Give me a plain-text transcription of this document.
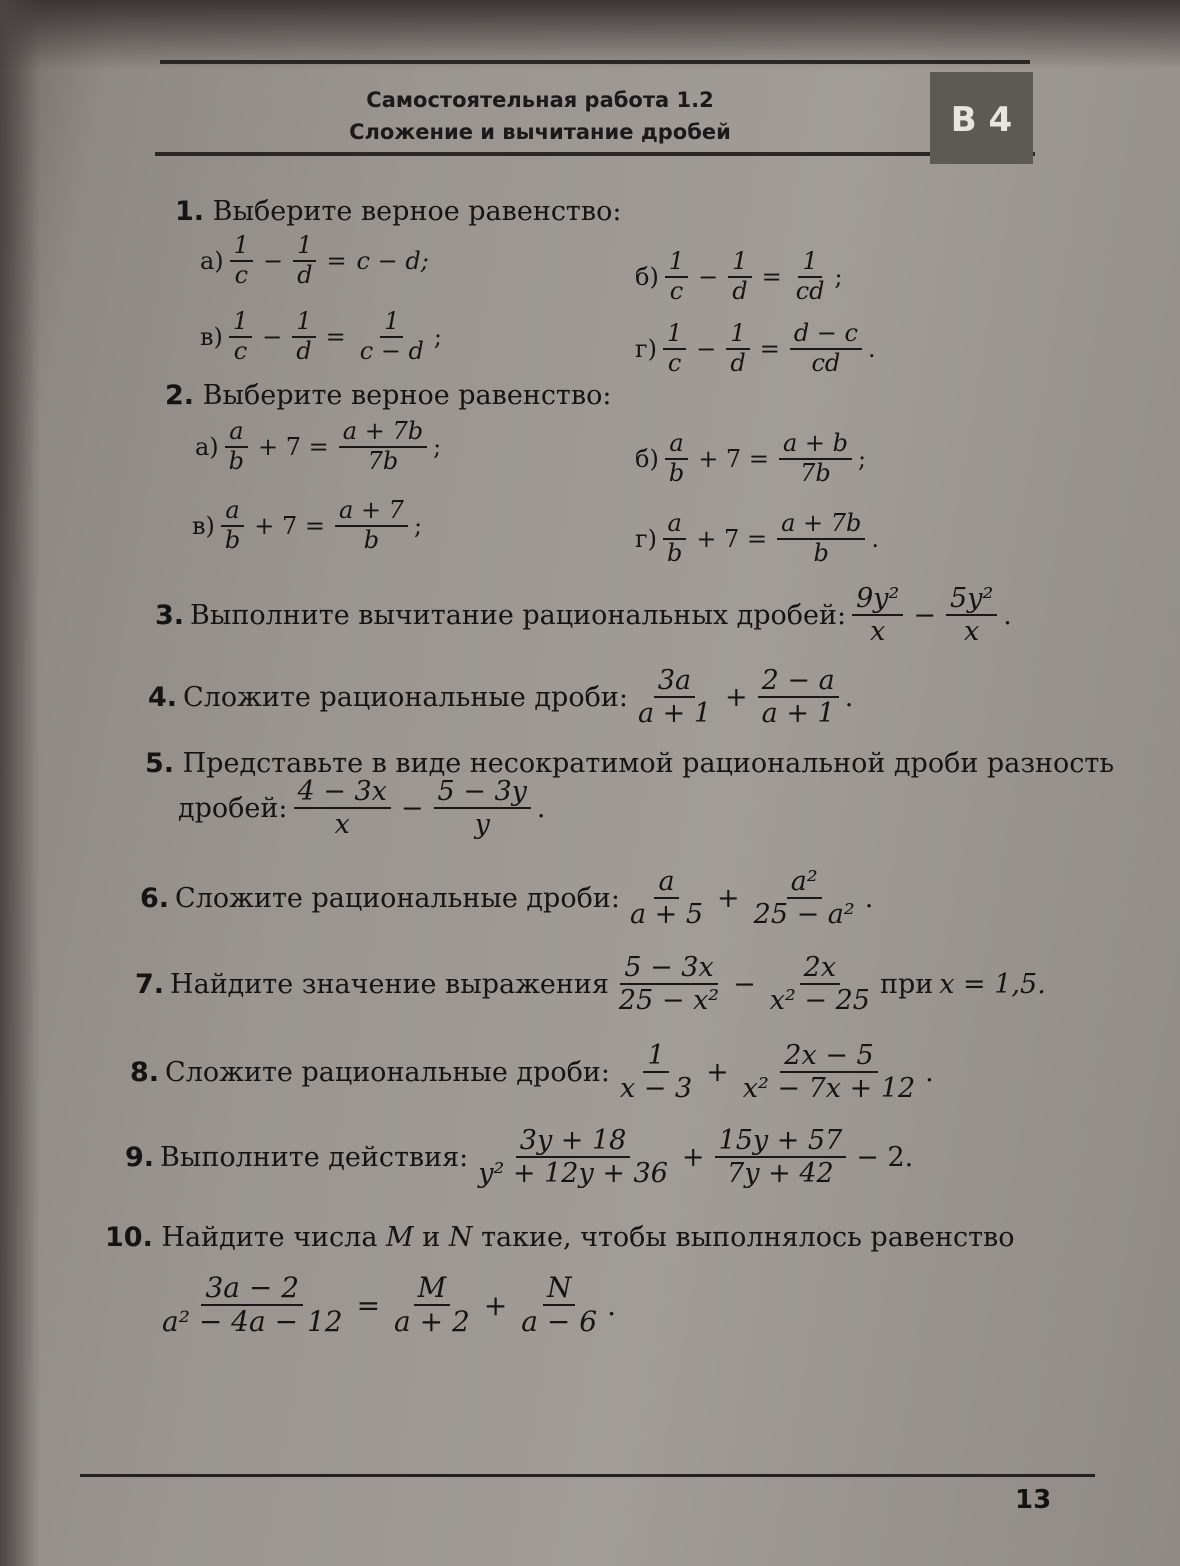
В 4
Самостоятельная работа 1.2
Сложение и вычитание дробей
1. Выберите верное равенство:
$а) \frac{1}{c} - \frac{1}{d} = c - d$;
$б) \frac{1}{c} - \frac{1}{d} = \frac{1}{cd}$ ;
$в) \frac{1}{c} - \frac{1}{d} = \frac{1}{c - d}$ ;	$г) \frac{1}{c} - \frac{1}{d} = \frac{d - c}{cd}$ .
2. Выберите верное равенство:
$а) \frac{a}{b} + 7 = \frac{a + 7b}{7b}$ ;	$б) \frac{a}{b} + 7 = \frac{a + b}{7b}$ ;
$в) \frac{a}{b} + 7 = \frac{a + 7}{b}$ ;	$г) \frac{a}{b} + 7 = \frac{a + 7b}{b}$ .
3. Выполните вычитание рациональных дробей: $\frac{\text{9y²}}{x} - \frac{\text{5y²}}{x}$ .
4. Сложите рациональные дроби: $\frac{3a}{a + 1} + \frac{2 - a}{a + 1}$ .
5. Представьте в виде несократимой рациональной дроби разность
дробей: $\frac{4 - 3x}{x} - \frac{5 - 3y}{y}$ .
6. Сложите рациональные дроби: $\frac{a}{a + 5} + \frac{\text{a²}}{\text{25 − a²}}$ .
7. Найдите значение выражения $\frac{5 - 3x}{\text{25 − x²}} - \frac{2x}{\text{x² − 25}}$ при x = 1,5.
8. Сложите рациональные дроби: $\frac{1}{x - 3} + \frac{2x - 5}{\text{x² − 7x + 12}}$ .
9. Выполните действия: $\frac{3y + 18}{\text{y² + 12y + 36}} + \frac{15y + 57}{7y + 42} - 2$.
10. Найдите числа M и N такие, чтобы выполнялось равенство
$\frac{3a - 2}{\text{a² − 4a − 12}} = \frac{M}{a + 2} + \frac{N}{a - 6}$ .
13
